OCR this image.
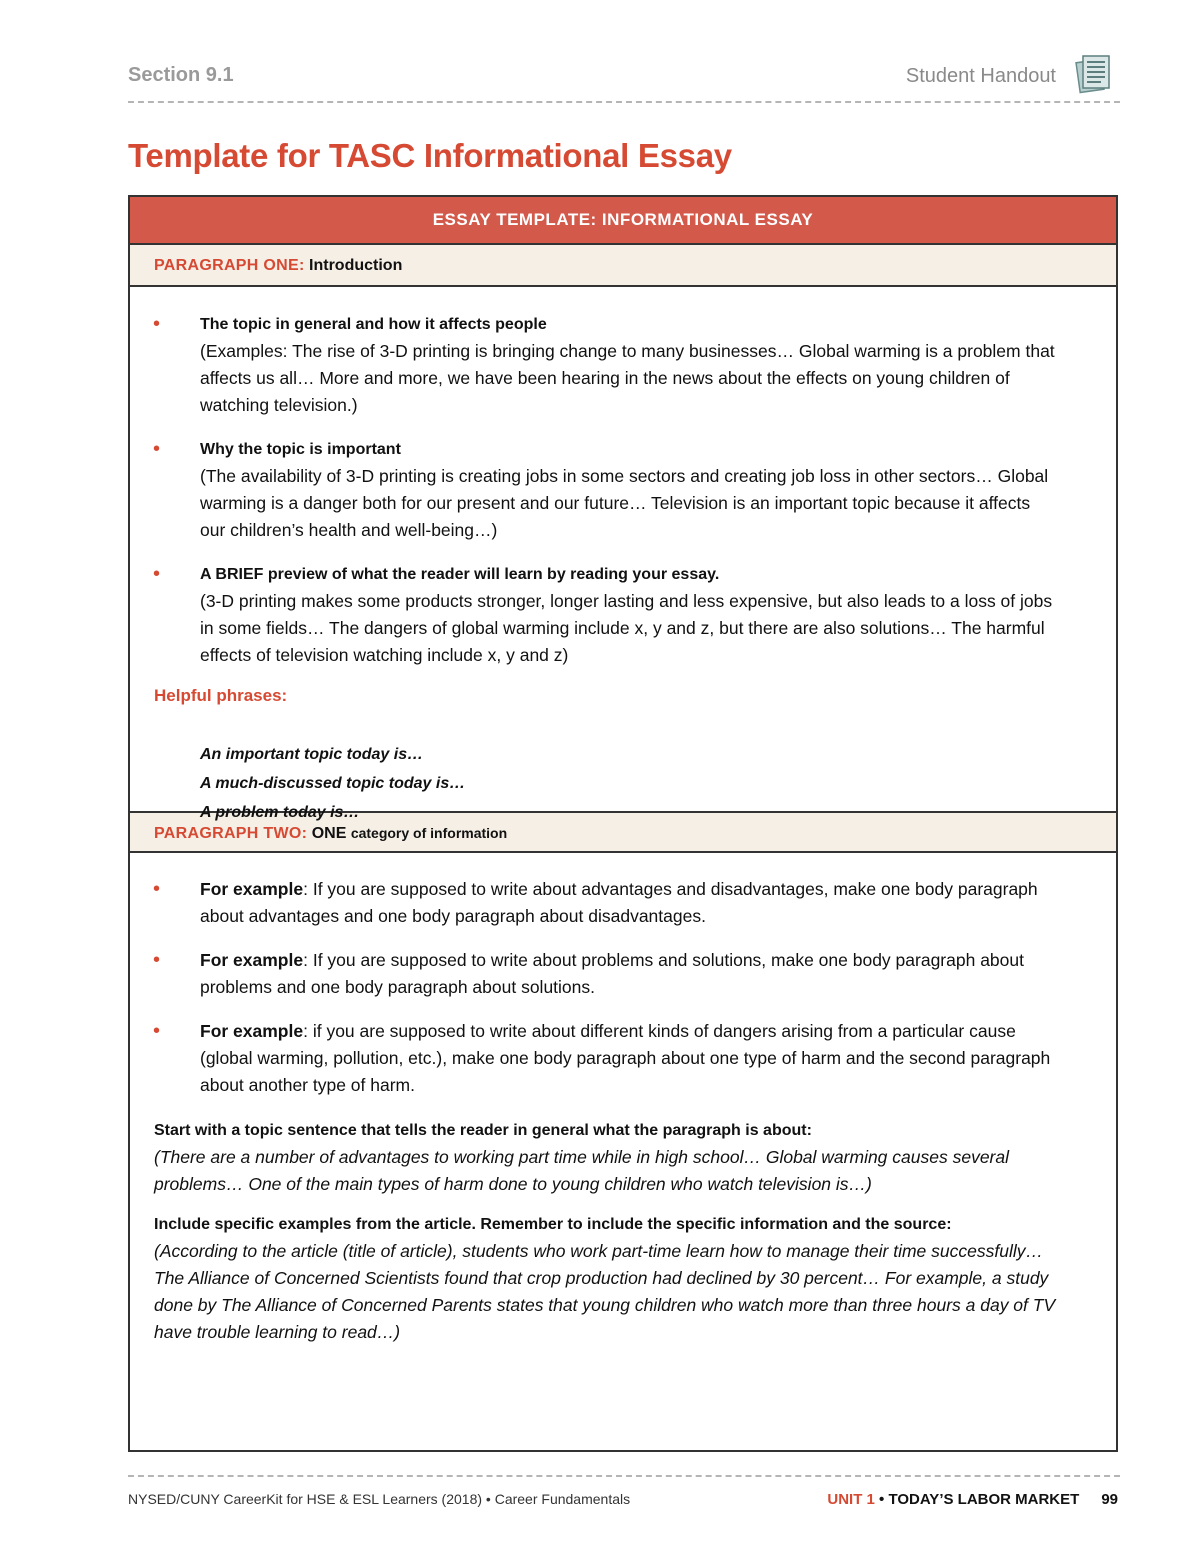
Section 9.1	Student Handout
Template for TASC Informational Essay
ESSAY TEMPLATE: INFORMATIONAL ESSAY
PARAGRAPH ONE: Introduction
• The topic in general and how it affects people
(Examples: The rise of 3-D printing is bringing change to many businesses… Global warming is a problem that affects us all… More and more, we have been hearing in the news about the effects on young children of watching television.)
• Why the topic is important
(The availability of 3-D printing is creating jobs in some sectors and creating job loss in other sectors… Global warming is a danger both for our present and our future… Television is an important topic because it affects our children’s health and well-being…)
• A BRIEF preview of what the reader will learn by reading your essay.
(3-D printing makes some products stronger, longer lasting and less expensive, but also leads to a loss of jobs in some fields… The dangers of global warming include x, y and z, but there are also solutions… The harmful effects of television watching include x, y and z)

Helpful phrases:

An important topic today is…
A much-discussed topic today is…
A problem today is…
PARAGRAPH TWO: ONE category of information
• For example: If you are supposed to write about advantages and disadvantages, make one body paragraph about advantages and one body paragraph about disadvantages.
• For example: If you are supposed to write about problems and solutions, make one body paragraph about problems and one body paragraph about solutions.
• For example: if you are supposed to write about different kinds of dangers arising from a particular cause (global warming, pollution, etc.), make one body paragraph about one type of harm and the second paragraph about another type of harm.
Start with a topic sentence that tells the reader in general what the paragraph is about:
(There are a number of advantages to working part time while in high school… Global warming causes several problems… One of the main types of harm done to young children who watch television is…)
Include specific examples from the article. Remember to include the specific information and the source:
(According to the article (title of article), students who work part-time learn how to manage their time successfully… The Alliance of Concerned Scientists found that crop production had declined by 30 percent… For example, a study done by The Alliance of Concerned Parents states that young children who watch more than three hours a day of TV have trouble learning to read…)
NYSED/CUNY CareerKit for HSE & ESL Learners (2018) • Career Fundamentals	UNIT 1 • TODAY’S LABOR MARKET 99
